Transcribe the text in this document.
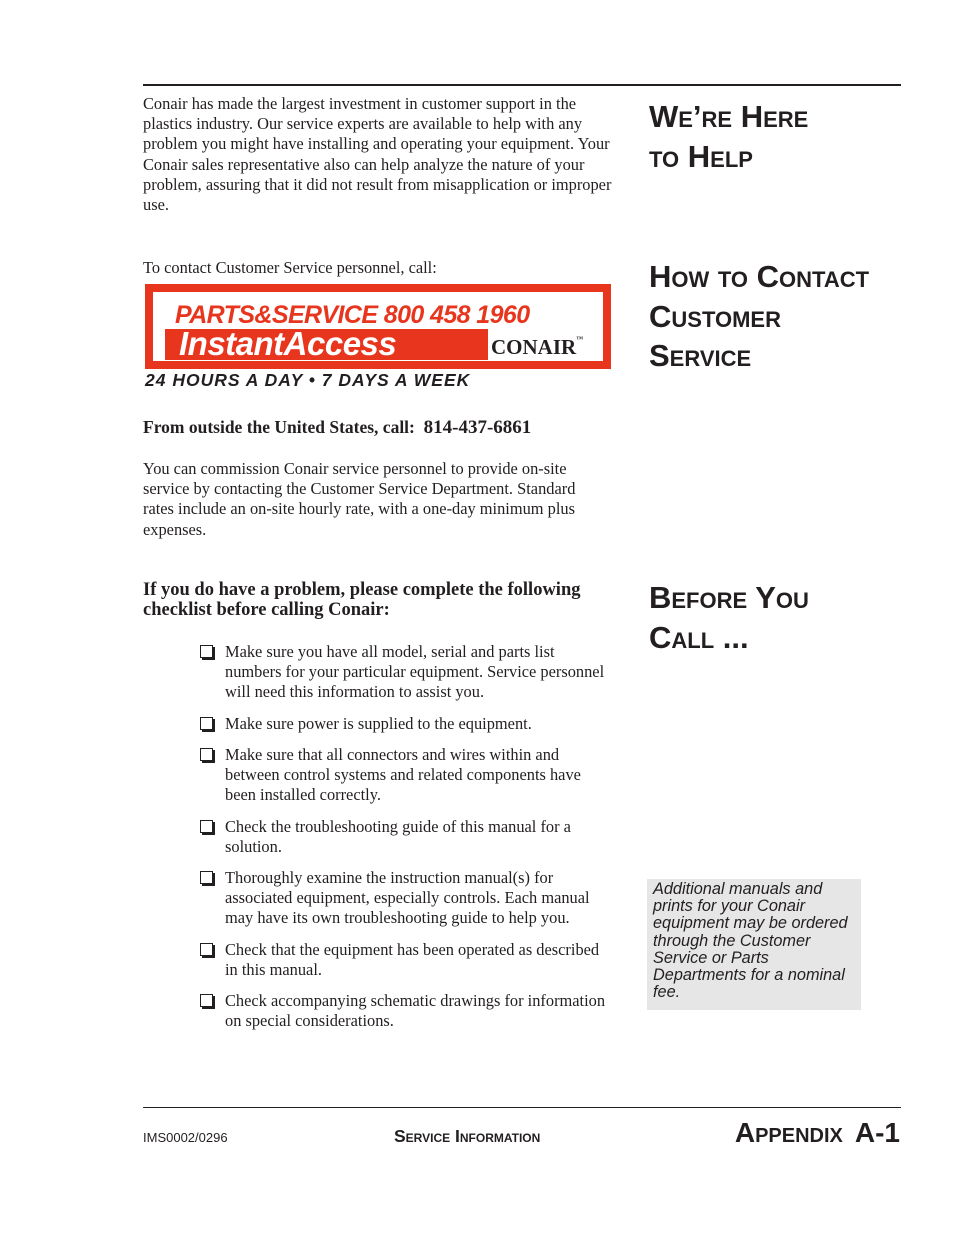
Conair has made the largest investment in customer support in the plastics industry. Our service experts are available to help with any problem you might have installing and operating your equipment. Your Conair sales representative also can help analyze the nature of your problem, assuring that it did not result from misapplication or improper use.

We’re Here
to Help

To contact Customer Service personnel, call:	How to Contact
Customer
Service
PARTS&SERVICE 800 458 1960
InstantAccess	CONAIR™
24 HOURS A DAY • 7 DAYS A WEEK

From outside the United States, call: 814-437-6861

You can commission Conair service personnel to provide on-site service by contacting the Customer Service Department. Standard rates include an on-site hourly rate, with a one-day minimum plus expenses.

If you do have a problem, please complete the following checklist before calling Conair:	Before You
Call ...
Make sure you have all model, serial and parts list numbers for your particular equipment. Service personnel will need this information to assist you.
Make sure power is supplied to the equipment.
Make sure that all connectors and wires within and between control systems and related components have been installed correctly.
Check the troubleshooting guide of this manual for a solution.
Thoroughly examine the instruction manual(s) for associated equipment, especially controls. Each manual may have its own troubleshooting guide to help you.
Check that the equipment has been operated as described in this manual.
Check accompanying schematic drawings for information on special considerations.
Additional manuals and prints for your Conair equipment may be ordered through the Customer Service or Parts Departments for a nominal fee.
IMS0002/0296	Service Information	Appendix A-1
